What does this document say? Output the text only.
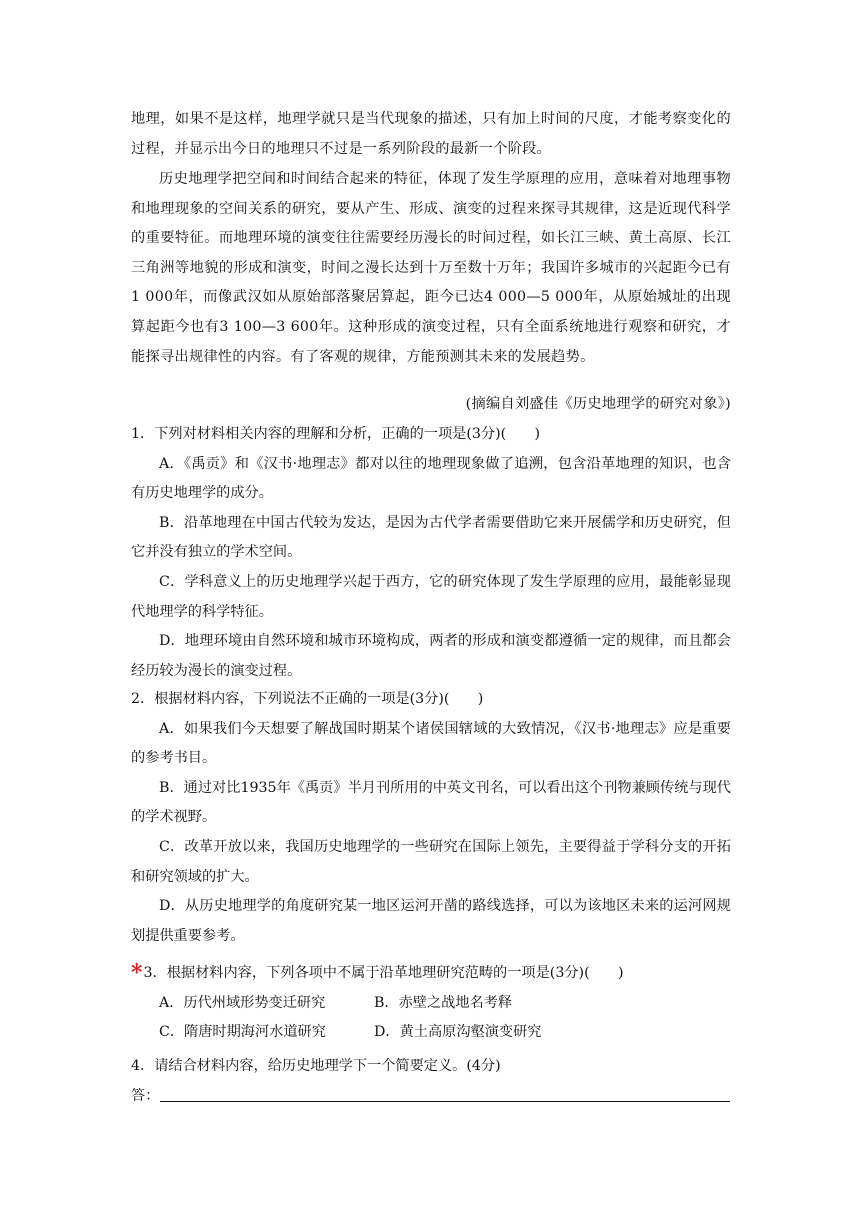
地理，如果不是这样，地理学就只是当代现象的描述，只有加上时间的尺度，才能考察变化的过程，并显示出今日的地理只不过是一系列阶段的最新一个阶段。

历史地理学把空间和时间结合起来的特征，体现了发生学原理的应用，意味着对地理事物和地理现象的空间关系的研究，要从产生、形成、演变的过程来探寻其规律，这是近现代科学的重要特征。而地理环境的演变往往需要经历漫长的时间过程，如长江三峡、黄土高原、长江三角洲等地貌的形成和演变，时间之漫长达到十万至数十万年；我国许多城市的兴起距今已有1 000年，而像武汉如从原始部落聚居算起，距今已达4 000—5 000年，从原始城址的出现算起距今也有3 100—3 600年。这种形成的演变过程，只有全面系统地进行观察和研究，才能探寻出规律性的内容。有了客观的规律，方能预测其未来的发展趋势。

(摘编自刘盛佳《历史地理学的研究对象》)

1．下列对材料相关内容的理解和分析，正确的一项是(3分)(　　)

A．《禹贡》和《汉书·地理志》都对以往的地理现象做了追溯，包含沿革地理的知识，也含有历史地理学的成分。

B．沿革地理在中国古代较为发达，是因为古代学者需要借助它来开展儒学和历史研究，但它并没有独立的学术空间。

C．学科意义上的历史地理学兴起于西方，它的研究体现了发生学原理的应用，最能彰显现代地理学的科学特征。

D．地理环境由自然环境和城市环境构成，两者的形成和演变都遵循一定的规律，而且都会经历较为漫长的演变过程。

2．根据材料内容，下列说法不正确的一项是(3分)(　　)

A．如果我们今天想要了解战国时期某个诸侯国辖域的大致情况，《汉书·地理志》应是重要的参考书目。

B．通过对比1935年《禹贡》半月刊所用的中英文刊名，可以看出这个刊物兼顾传统与现代的学术视野。

C．改革开放以来，我国历史地理学的一些研究在国际上领先，主要得益于学科分支的开拓和研究领域的扩大。

D．从历史地理学的角度研究某一地区运河开凿的路线选择，可以为该地区未来的运河网规划提供重要参考。

*3．根据材料内容，下列各项中不属于沿革地理研究范畴的一项是(3分)(　　)

A．历代州域形势变迁研究	B．赤壁之战地名考释
C．隋唐时期海河水道研究	D．黄土高原沟壑演变研究

4．请结合材料内容，给历史地理学下一个简要定义。(4分)

答：
